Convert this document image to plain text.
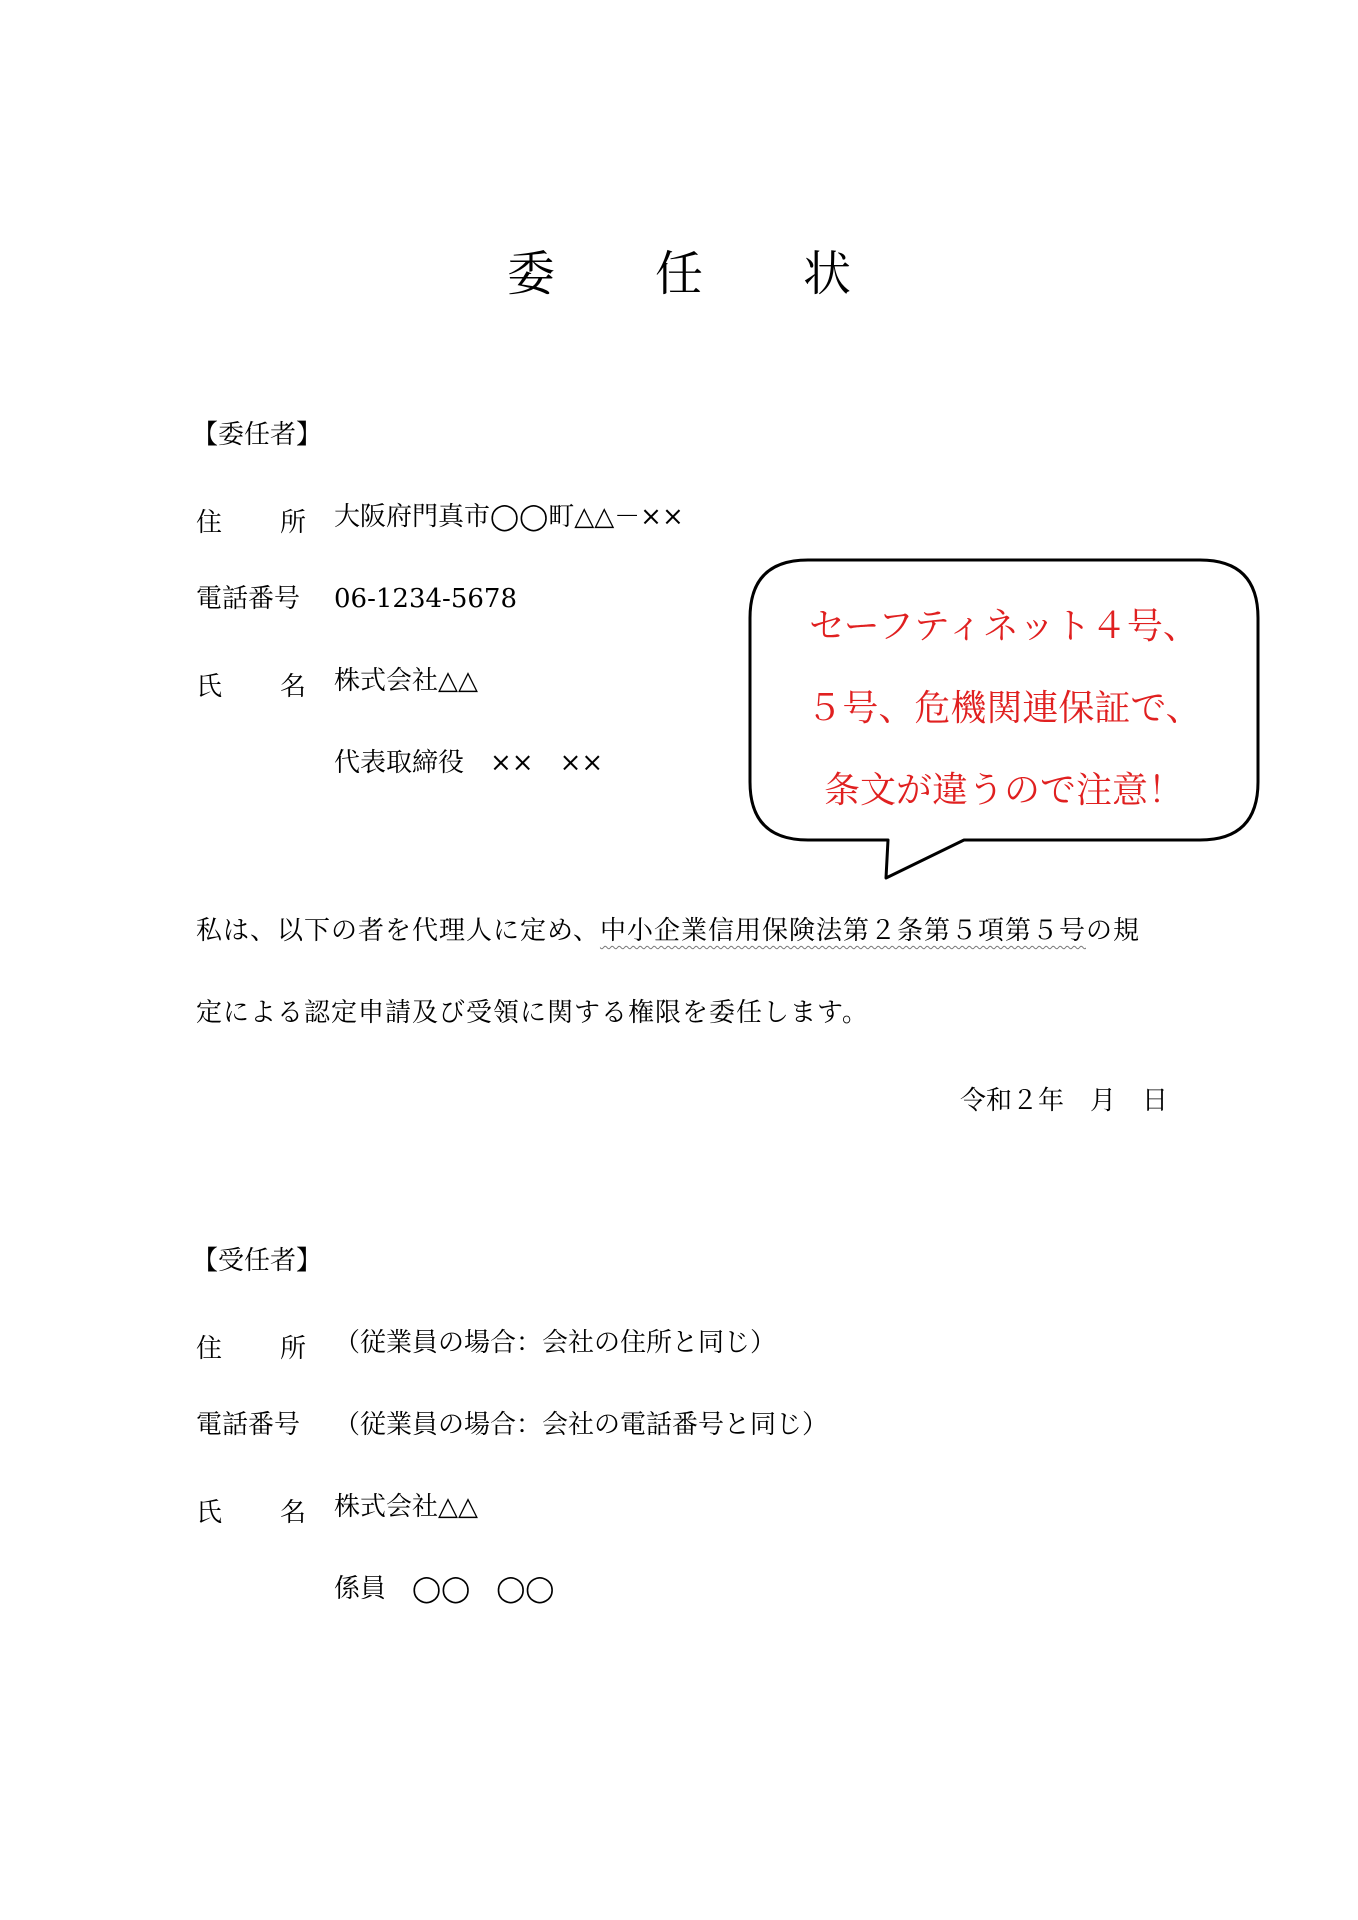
委 任 状
【委任者】
住 所 大阪府門真市◯◯町△△－××
電話番号 06-1234-5678
氏 名 株式会社△△
代表取締役　××　××
セーフティネット４号、
５号、危機関連保証で、
条文が違うので注意！
私は、以下の者を代理人に定め、中小企業信用保険法第２条第５項第５号の規
定による認定申請及び受領に関する権限を委任します。
令和２年　月　日
【受任者】
住 所 （従業員の場合：会社の住所と同じ）
電話番号 （従業員の場合：会社の電話番号と同じ）
氏 名 株式会社△△
係員　◯◯　◯◯
